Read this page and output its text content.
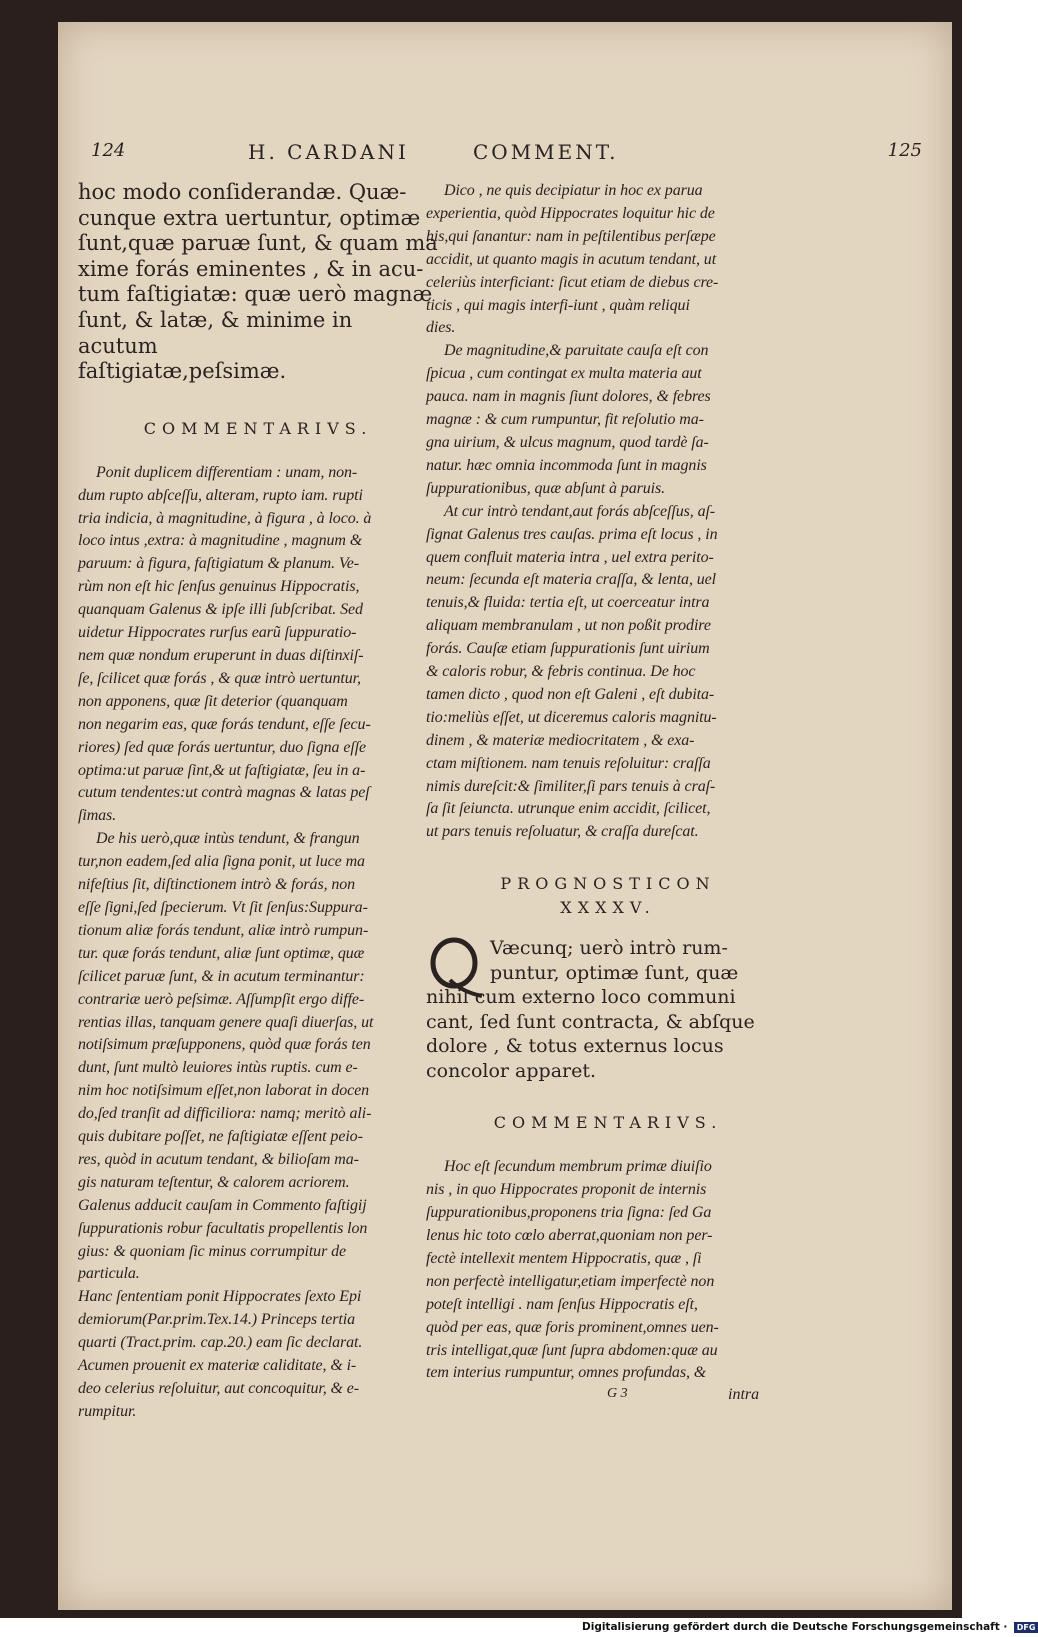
124	H. CARDANI	COMMENT.	125
hoc modo conſiderandæ. Quæ-
cunque extra uertuntur, optimæ
ſunt,quæ paruæ ſunt, & quam ma
xime forás eminentes , & in acu-
tum faſtigiatæ: quæ uerò magnæ
ſunt, & latæ, & minime in acutum
faſtigiatæ,peſsimæ.

COMMENTARIVS.

Ponit duplicem differentiam : unam, non-
dum rupto abſceſſu, alteram, rupto iam. rupti
tria indicia, à magnitudine, à figura , à loco. à
loco intus ,extra: à magnitudine , magnum &
paruum: à figura, faſtigiatum & planum. Ve-
rùm non eſt hic ſenſus genuinus Hippocratis,
quanquam Galenus & ipſe illi ſubſcribat. Sed
uidetur Hippocrates rurſus earũ ſuppuratio-
nem quæ nondum eruperunt in duas diſtinxiſ-
ſe, ſcilicet quæ forás , & quæ intrò uertuntur,
non apponens, quæ ſit deterior (quanquam
non negarim eas, quæ forás tendunt, eſſe ſecu-
riores) ſed quæ forás uertuntur, duo ſigna eſſe
optima:ut paruæ ſint,& ut faſtigiatæ, ſeu in a-
cutum tendentes:ut contrà magnas & latas peſ
ſimas.
De his uerò,quæ intùs tendunt, & frangun
tur,non eadem,ſed alia ſigna ponit, ut luce ma
nifeſtius ſit, diſtinctionem intrò & forás, non
eſſe ſigni,ſed ſpecierum. Vt ſit ſenſus:Suppura-
tionum aliæ forás tendunt, aliæ intrò rumpun-
tur. quæ forás tendunt, aliæ ſunt optimæ, quæ
ſcilicet paruæ ſunt, & in acutum terminantur:
contrariæ uerò peſsimæ. Aſſumpſit ergo diffe-
rentias illas, tanquam genere quaſi diuerſas, ut
notiſsimum præſupponens, quòd quæ forás ten
dunt, ſunt multò leuiores intùs ruptis. cum e-
nim hoc notiſsimum eſſet,non laborat in docen
do,ſed tranſit ad difficiliora: namq; meritò ali-
quis dubitare poſſet, ne faſtigiatæ eſſent peio-
res, quòd in acutum tendant, & bilioſam ma-
gis naturam teſtentur, & calorem acriorem.
Galenus adducit cauſam in Commento faſtigij
ſuppurationis robur facultatis propellentis lon
gius: & quoniam ſic minus corrumpitur de
particula.
Hanc ſententiam ponit Hippocrates ſexto Epi
demiorum(Par.prim.Tex.14.) Princeps tertia
quarti (Tract.prim. cap.20.) eam ſic declarat.
Acumen prouenit ex materiæ caliditate, & i-
deo celerius reſoluitur, aut concoquitur, & e-
rumpitur.
Dico , ne quis decipiatur in hoc ex parua
experientia, quòd Hippocrates loquitur hic de
his,qui ſanantur: nam in peſtilentibus perſæpe
accidit, ut quanto magis in acutum tendant, ut
celeriùs interficiant: ſicut etiam de diebus cre-
ticis , qui magis interfi-iunt , quàm reliqui
dies.
De magnitudine,& paruitate cauſa eſt con
ſpicua , cum contingat ex multa materia aut
pauca. nam in magnis ſiunt dolores, & febres
magnæ : & cum rumpuntur, fit reſolutio ma-
gna uirium, & ulcus magnum, quod tardè ſa-
natur. hæc omnia incommoda ſunt in magnis
ſuppurationibus, quæ abſunt à paruis.
At cur intrò tendant,aut forás abſceſſus, aſ-
ſignat Galenus tres cauſas. prima eſt locus , in
quem confluit materia intra , uel extra perito-
neum: ſecunda eſt materia craſſa, & lenta, uel
tenuis,& fluida: tertia eſt, ut coerceatur intra
aliquam membranulam , ut non poßit prodire
forás. Cauſæ etiam ſuppurationis ſunt uirium
& caloris robur, & febris continua. De hoc
tamen dicto , quod non eſt Galeni , eſt dubita-
tio:meliùs eſſet, ut diceremus caloris magnitu-
dinem , & materiæ mediocritatem , & exa-
ctam miſtionem. nam tenuis reſoluitur: craſſa
nimis dureſcit:& ſimiliter,ſi pars tenuis à craſ-
ſa ſit ſeiuncta. utrunque enim accidit, ſcilicet,
ut pars tenuis reſoluatur, & craſſa dureſcat.

PROGNOSTICON

XXXXV.

Væcunq; uerò intrò rum-
puntur, optimæ ſunt, quæ
nihil cum externo loco communi
cant, ſed ſunt contracta, & abſque
dolore , & totus externus locus
concolor apparet.

COMMENTARIVS.

Hoc eſt ſecundum membrum primæ diuiſio
nis , in quo Hippocrates proponit de internis
ſuppurationibus,proponens tria ſigna: ſed Ga
lenus hic toto cœlo aberrat,quoniam non per-
fectè intellexit mentem Hippocratis, quæ , ſi
non perfectè intelligatur,etiam imperfectè non
poteſt intelligi . nam ſenſus Hippocratis eſt,
quòd per eas, quæ foris prominent,omnes uen-
tris intelligat,quæ ſunt ſupra abdomen:quæ au
tem interius rumpuntur, omnes profundas, &
G 3	intra
Digitalisierung gefördert durch die Deutsche Forschungsgemeinschaft · DFG
